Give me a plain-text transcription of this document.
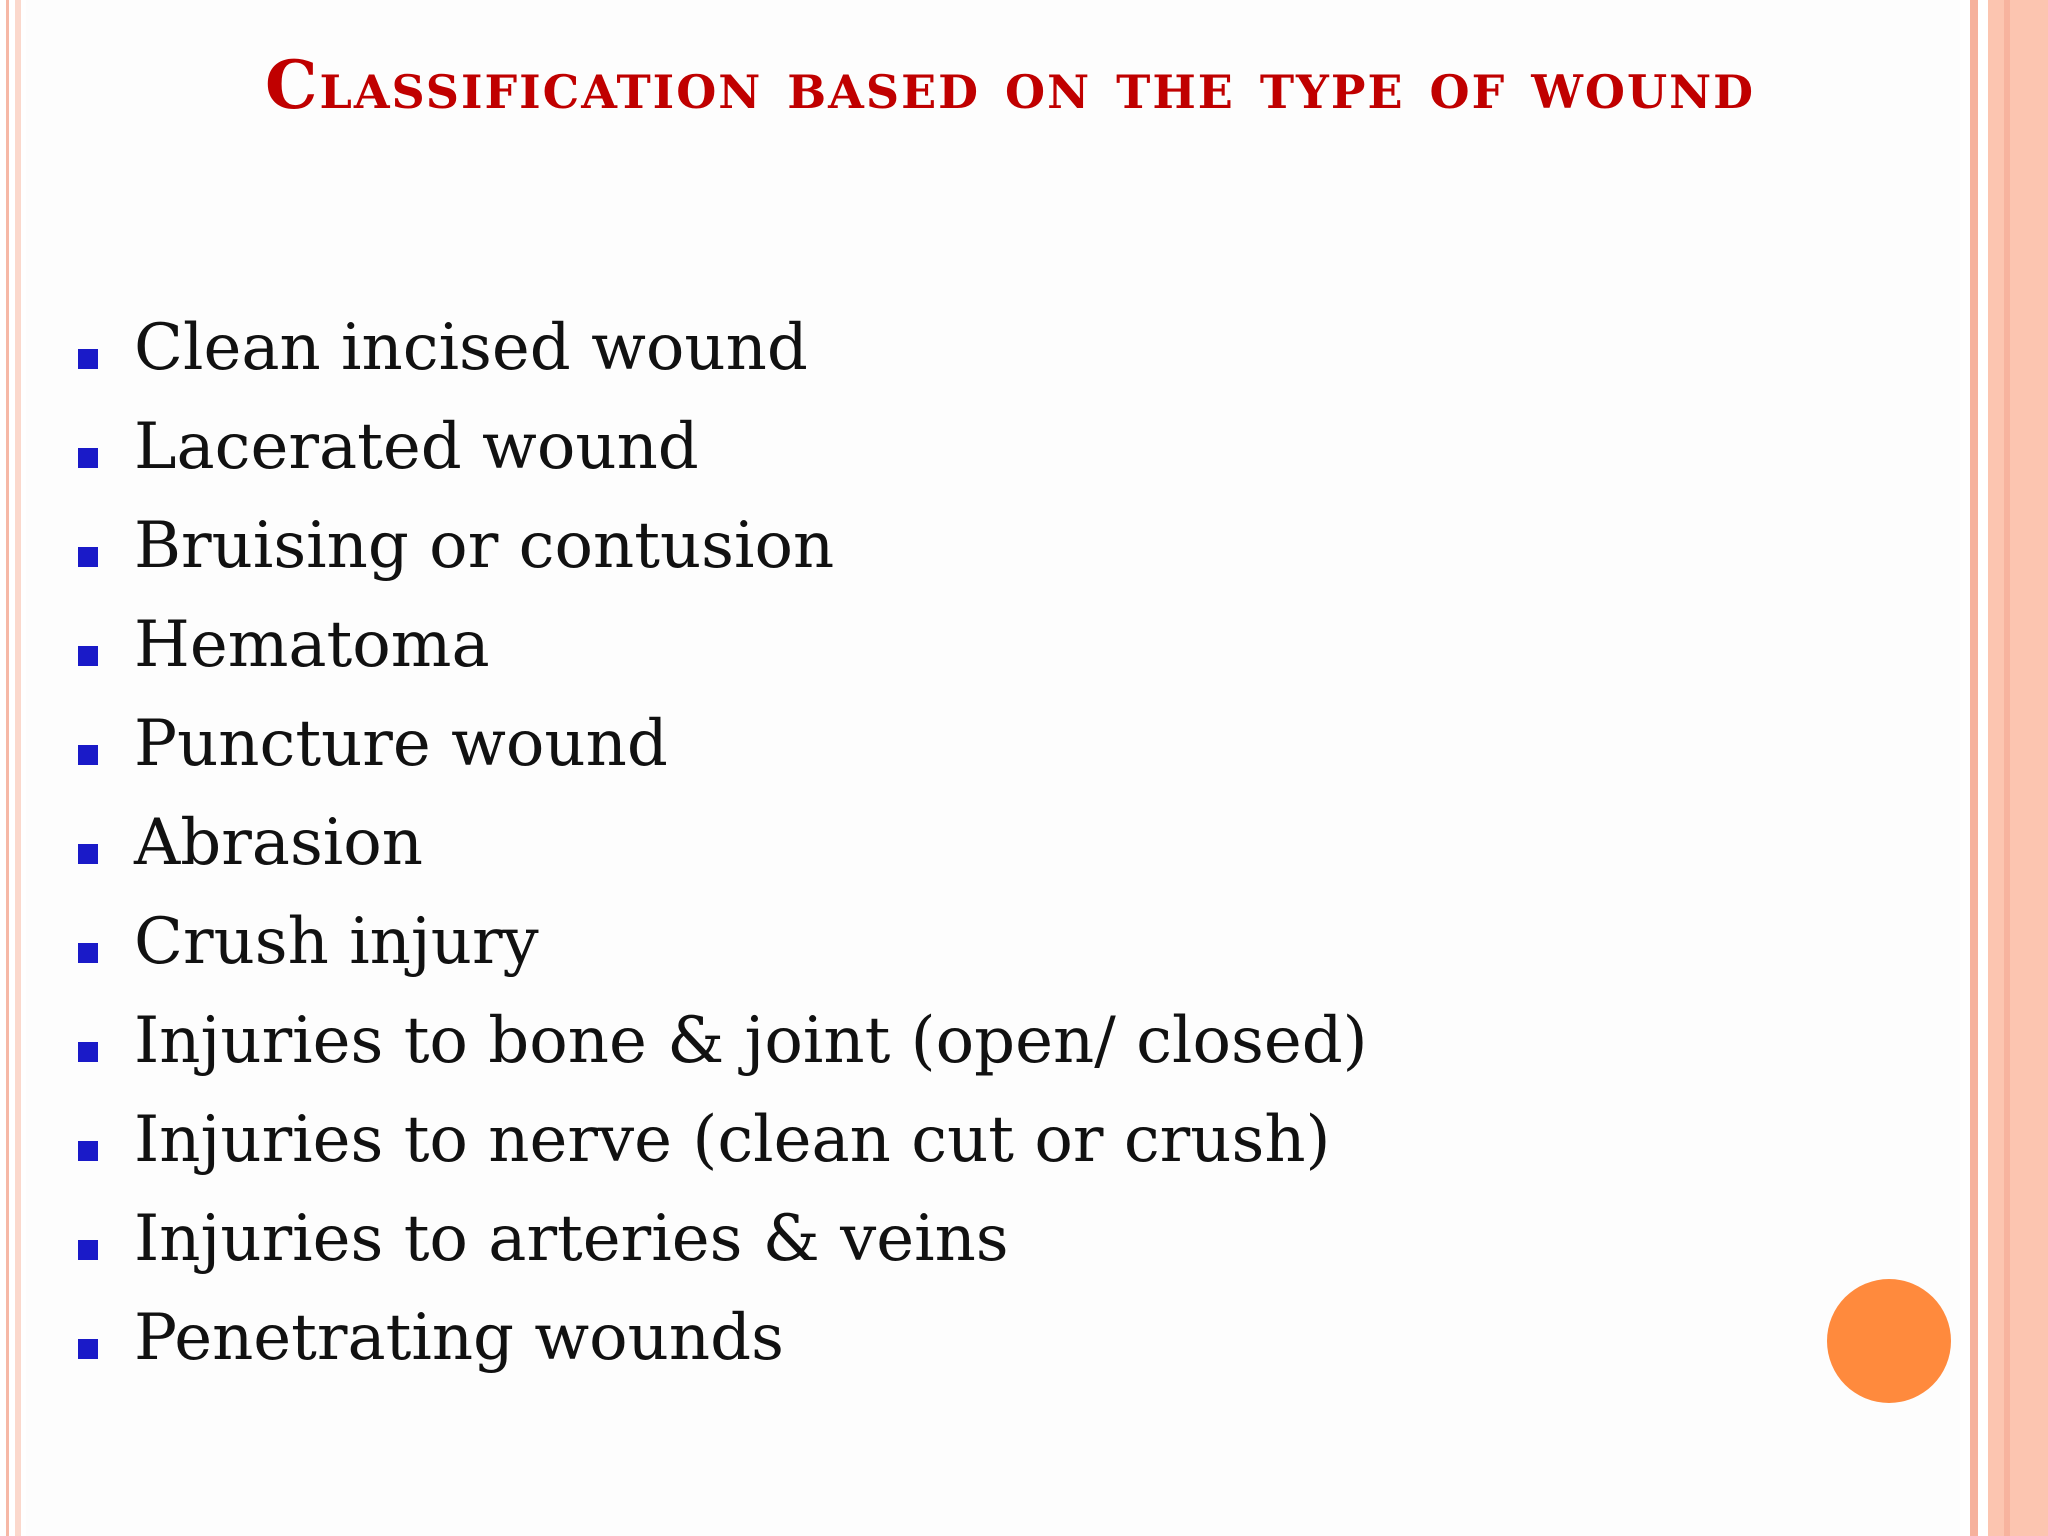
Classification based on the type of wound
Clean incised wound
Lacerated wound
Bruising or contusion
Hematoma
Puncture wound
Abrasion
Crush injury
Injuries to bone & joint (open/ closed)
Injuries to nerve (clean cut or crush)
Injuries to arteries & veins
Penetrating wounds
